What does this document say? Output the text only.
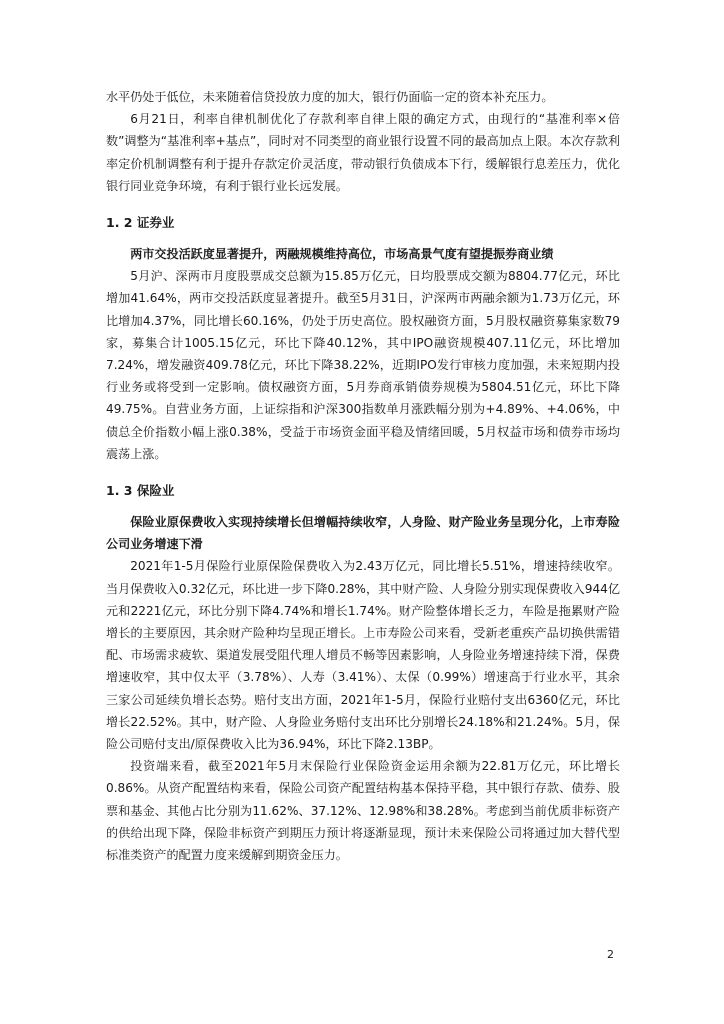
水平仍处于低位，未来随着信贷投放力度的加大，银行仍面临一定的资本补充压力。

6月21日，利率自律机制优化了存款利率自律上限的确定方式，由现行的“基准利率×倍数”调整为“基准利率+基点”，同时对不同类型的商业银行设置不同的最高加点上限。本次存款利率定价机制调整有利于提升存款定价灵活度，带动银行负债成本下行，缓解银行息差压力，优化银行同业竞争环境，有利于银行业长远发展。

1. 2 证券业

两市交投活跃度显著提升，两融规模维持高位，市场高景气度有望提振券商业绩

5月沪、深两市月度股票成交总额为15.85万亿元，日均股票成交额为8804.77亿元，环比增加41.64%，两市交投活跃度显著提升。截至5月31日，沪深两市两融余额为1.73万亿元，环比增加4.37%，同比增长60.16%，仍处于历史高位。股权融资方面，5月股权融资募集家数79家，募集合计1005.15亿元，环比下降40.12%，其中IPO融资规模407.11亿元，环比增加7.24%，增发融资409.78亿元，环比下降38.22%，近期IPO发行审核力度加强，未来短期内投行业务或将受到一定影响。债权融资方面，5月券商承销债券规模为5804.51亿元，环比下降49.75%。自营业务方面，上证综指和沪深300指数单月涨跌幅分别为+4.89%、+4.06%，中债总全价指数小幅上涨0.38%，受益于市场资金面平稳及情绪回暖，5月权益市场和债券市场均震荡上涨。

1. 3 保险业

保险业原保费收入实现持续增长但增幅持续收窄，人身险、财产险业务呈现分化，上市寿险公司业务增速下滑

2021年1-5月保险行业原保险保费收入为2.43万亿元，同比增长5.51%，增速持续收窄。当月保费收入0.32亿元，环比进一步下降0.28%，其中财产险、人身险分别实现保费收入944亿元和2221亿元，环比分别下降4.74%和增长1.74%。财产险整体增长乏力，车险是拖累财产险增长的主要原因，其余财产险种均呈现正增长。上市寿险公司来看，受新老重疾产品切换供需错配、市场需求疲软、渠道发展受阻代理人增员不畅等因素影响，人身险业务增速持续下滑，保费增速收窄，其中仅太平（3.78%）、人寿（3.41%）、太保（0.99%）增速高于行业水平，其余三家公司延续负增长态势。赔付支出方面，2021年1-5月，保险行业赔付支出6360亿元，环比增长22.52%。其中，财产险、人身险业务赔付支出环比分别增长24.18%和21.24%。5月，保险公司赔付支出/原保费收入比为36.94%，环比下降2.13BP。

投资端来看，截至2021年5月末保险行业保险资金运用余额为22.81万亿元，环比增长0.86%。从资产配置结构来看，保险公司资产配置结构基本保持平稳，其中银行存款、债券、股票和基金、其他占比分别为11.62%、37.12%、12.98%和38.28%。考虑到当前优质非标资产的供给出现下降，保险非标资产到期压力预计将逐渐显现，预计未来保险公司将通过加大替代型标准类资产的配置力度来缓解到期资金压力。

2
